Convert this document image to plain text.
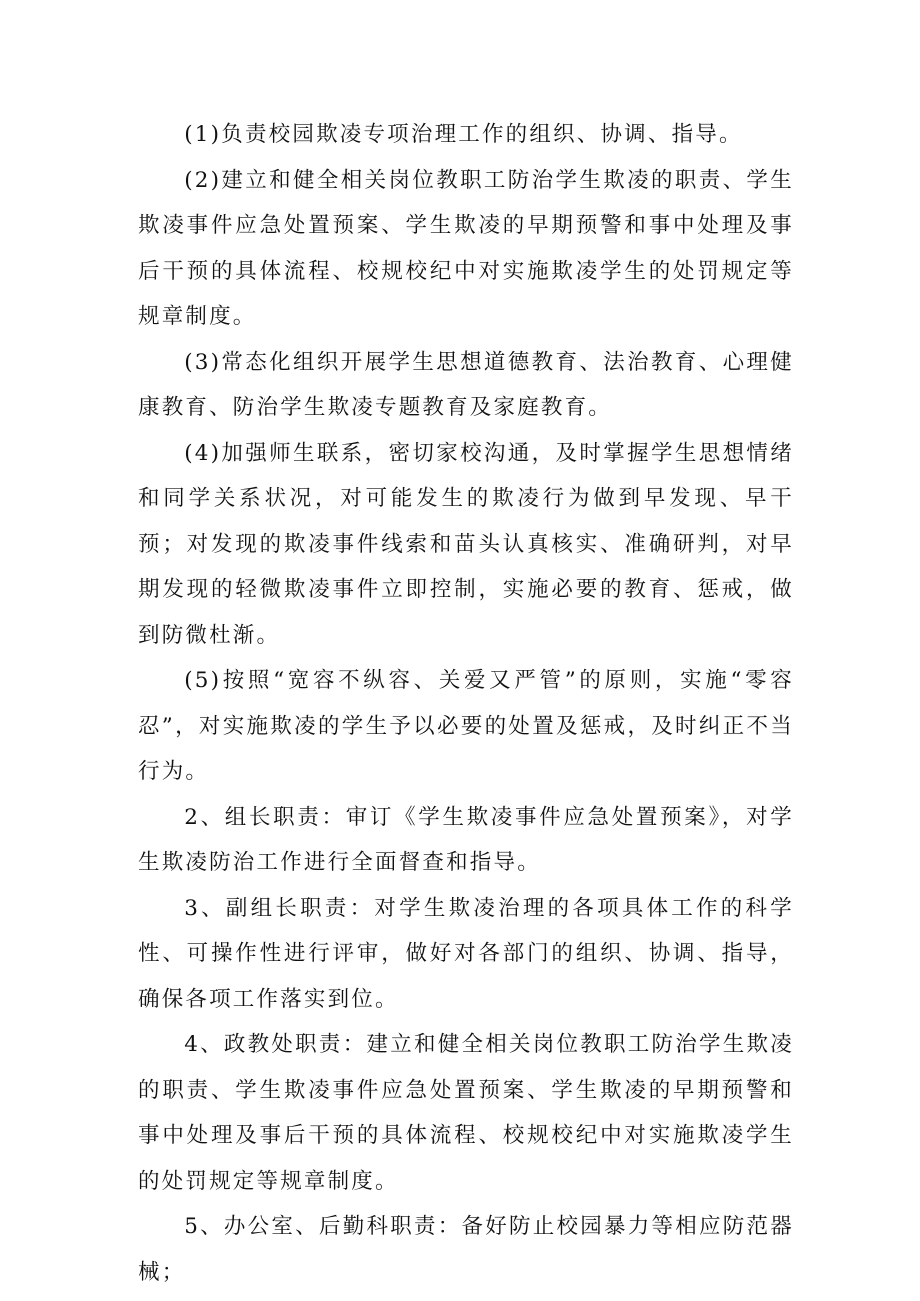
(1)负责校园欺凌专项治理工作的组织、协调、指导。

(2)建立和健全相关岗位教职工防治学生欺凌的职责、学生欺凌事件应急处置预案、学生欺凌的早期预警和事中处理及事后干预的具体流程、校规校纪中对实施欺凌学生的处罚规定等规章制度。

(3)常态化组织开展学生思想道德教育、法治教育、心理健康教育、防治学生欺凌专题教育及家庭教育。

(4)加强师生联系，密切家校沟通，及时掌握学生思想情绪和同学关系状况，对可能发生的欺凌行为做到早发现、早干预；对发现的欺凌事件线索和苗头认真核实、准确研判，对早期发现的轻微欺凌事件立即控制，实施必要的教育、惩戒，做到防微杜渐。

(5)按照“宽容不纵容、关爱又严管”的原则，实施“零容忍”，对实施欺凌的学生予以必要的处置及惩戒，及时纠正不当行为。

2、组长职责：审订《学生欺凌事件应急处置预案》，对学生欺凌防治工作进行全面督查和指导。

3、副组长职责：对学生欺凌治理的各项具体工作的科学性、可操作性进行评审，做好对各部门的组织、协调、指导，确保各项工作落实到位。

4、政教处职责：建立和健全相关岗位教职工防治学生欺凌的职责、学生欺凌事件应急处置预案、学生欺凌的早期预警和事中处理及事后干预的具体流程、校规校纪中对实施欺凌学生的处罚规定等规章制度。

5、办公室、后勤科职责：备好防止校园暴力等相应防范器械；
